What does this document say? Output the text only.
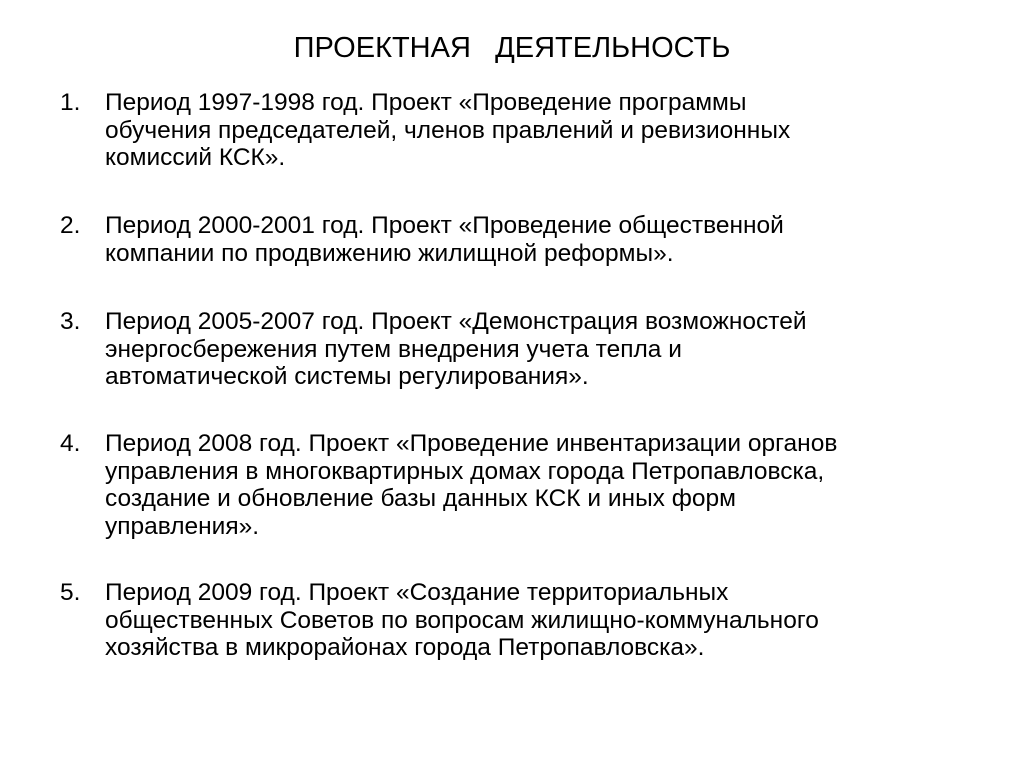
ПРОЕКТНАЯ   ДЕЯТЕЛЬНОСТЬ
1.	Период 1997-1998 год. Проект «Проведение программы
обучения председателей, членов правлений и ревизионных
комиссий КСК».
2.	Период 2000-2001 год. Проект «Проведение общественной
компании по продвижению жилищной реформы».
3.	Период 2005-2007 год. Проект «Демонстрация возможностей
энергосбережения путем внедрения учета тепла и
автоматической системы регулирования».
4.	Период 2008 год. Проект «Проведение инвентаризации органов
управления в многоквартирных домах города Петропавловска,
создание и обновление базы данных КСК и иных форм
управления».
5.	Период 2009 год. Проект «Создание территориальных
общественных Советов по вопросам жилищно-коммунального
хозяйства в микрорайонах города Петропавловска».
